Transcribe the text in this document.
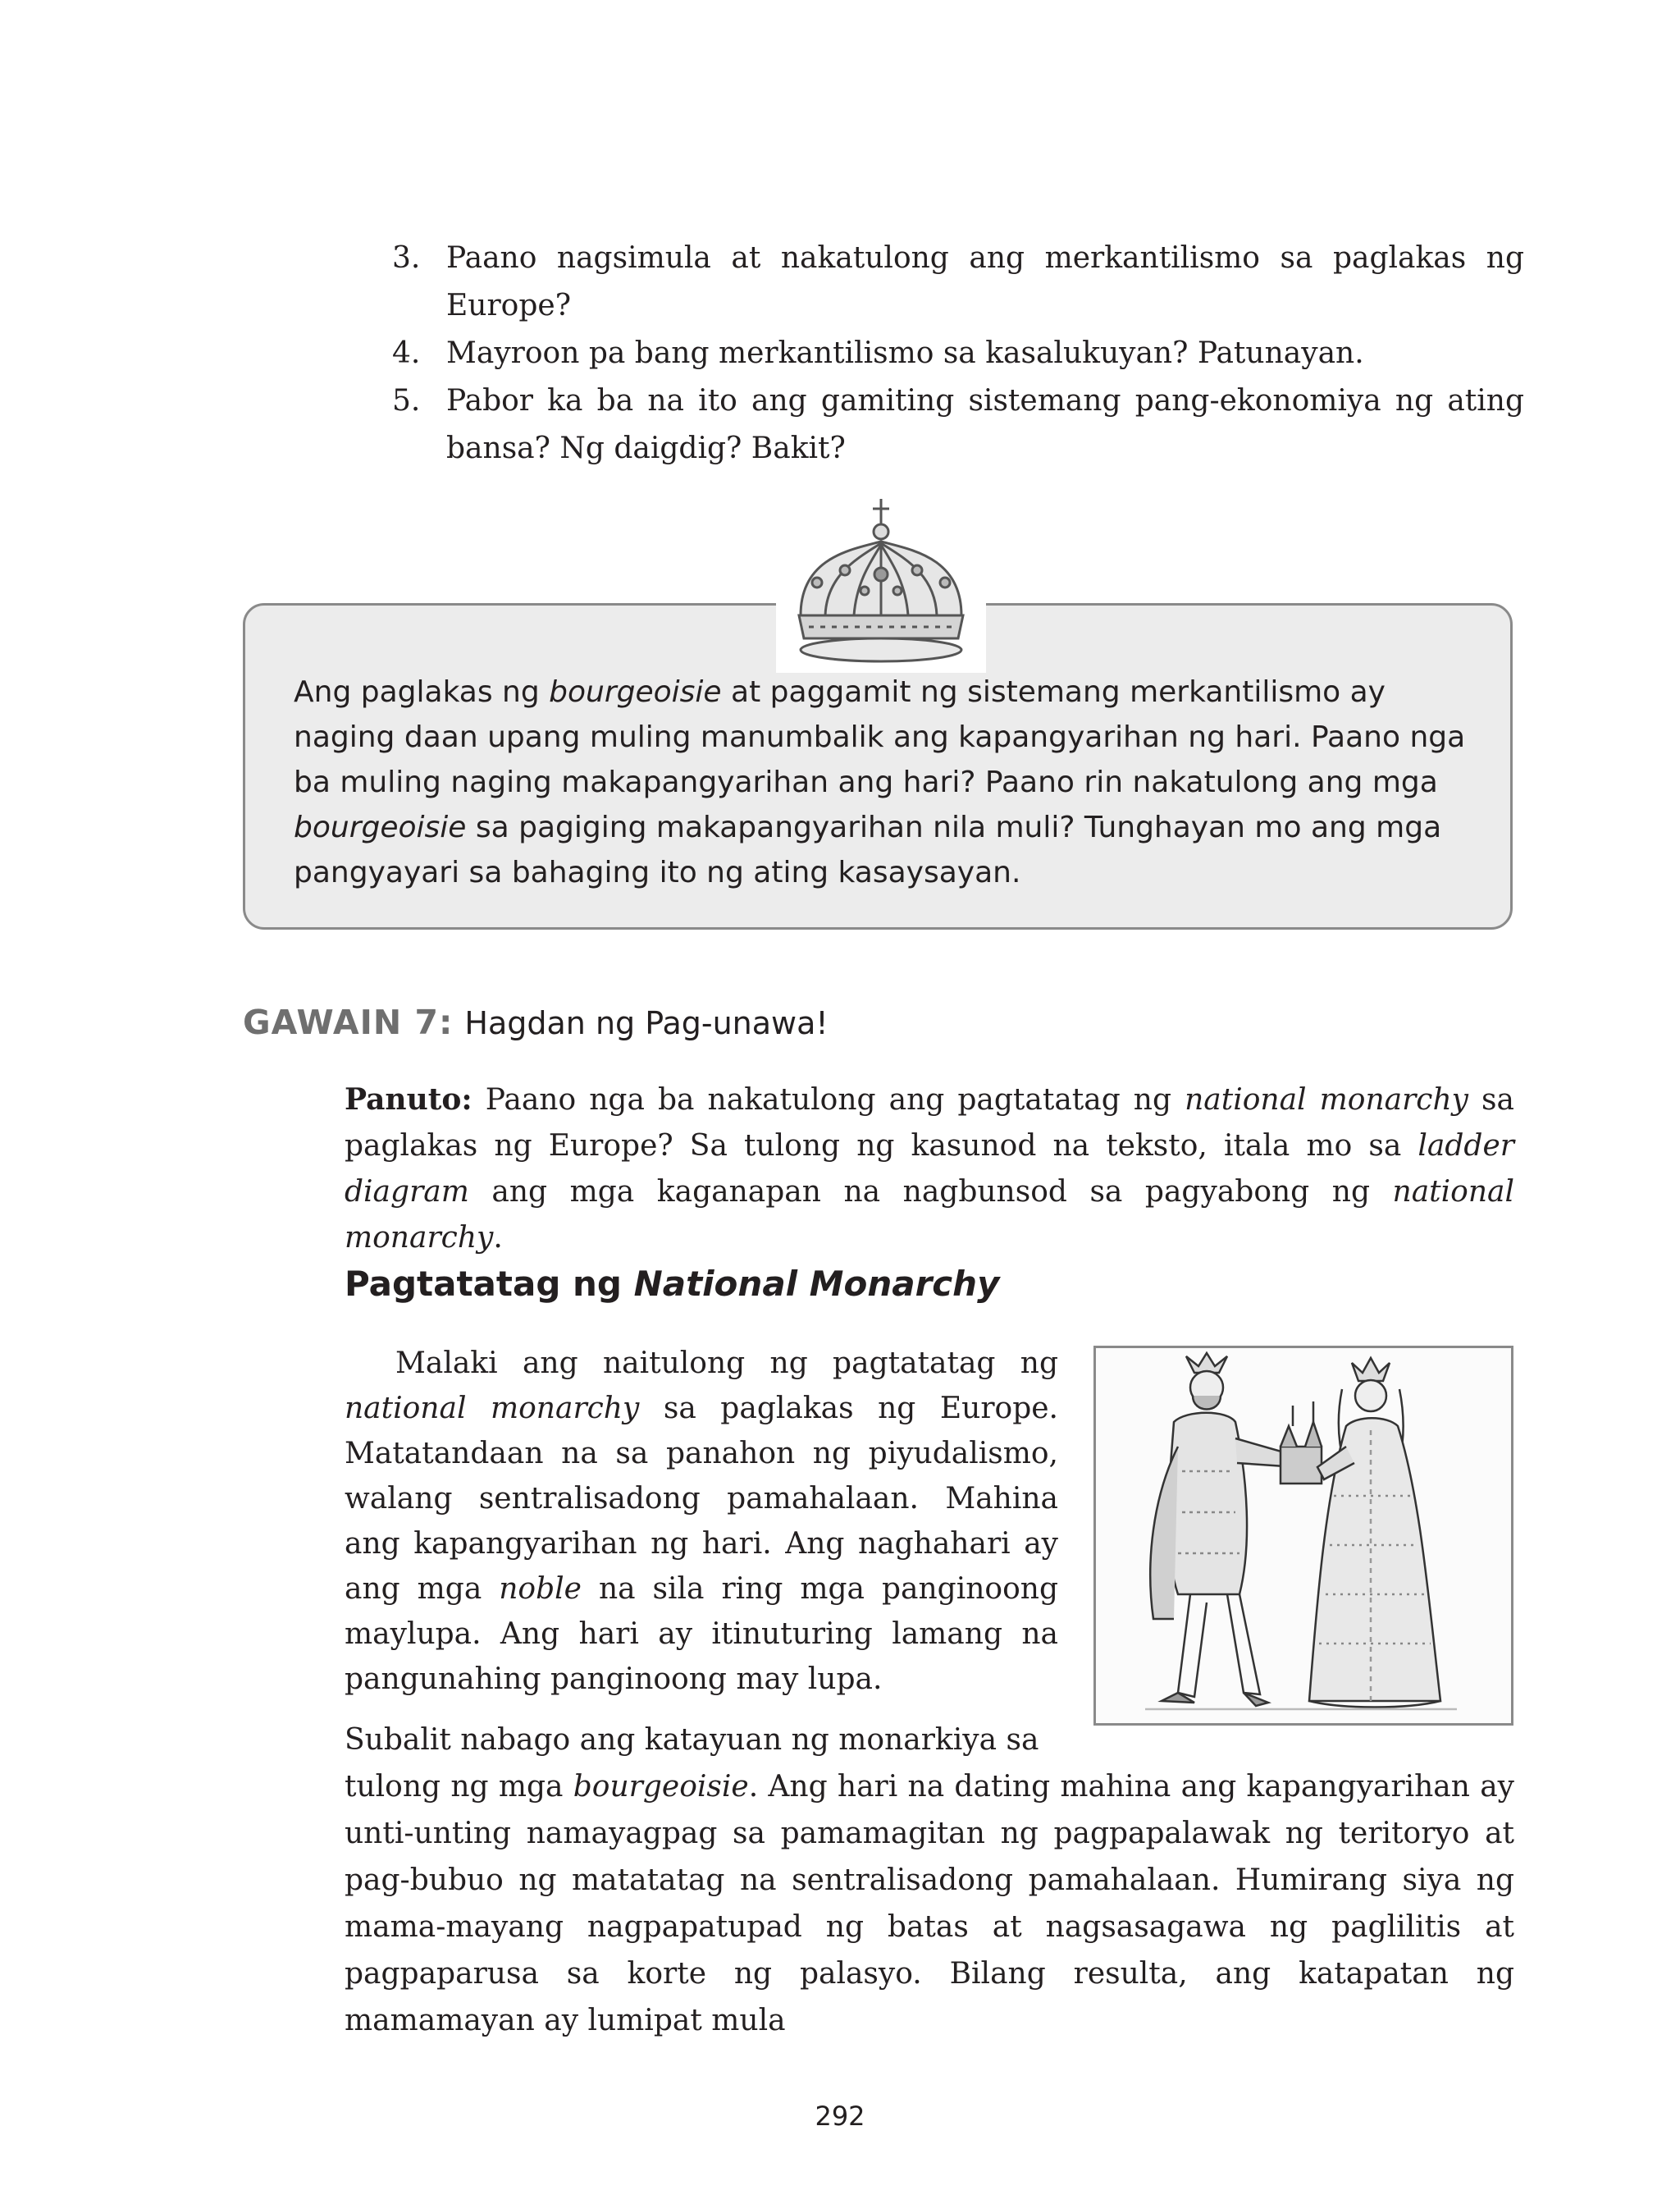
3. Paano nagsimula at nakatulong ang merkantilismo sa paglakas ng Europe?
4. Mayroon pa bang merkantilismo sa kasalukuyan? Patunayan.
5. Pabor ka ba na ito ang gamiting sistemang pang-ekonomiya ng ating bansa? Ng daigdig? Bakit?
Ang paglakas ng bourgeoisie at paggamit ng sistemang merkantilismo ay naging daan upang muling manumbalik ang kapangyarihan ng hari. Paano nga ba muling naging makapangyarihan ang hari? Paano rin nakatulong ang mga bourgeoisie sa pagiging makapangyarihan nila muli? Tunghayan mo ang mga pangyayari sa bahaging ito ng ating kasaysayan.
GAWAIN 7: Hagdan ng Pag-unawa!
Panuto: Paano nga ba nakatulong ang pagtatatag ng national monarchy sa paglakas ng Europe? Sa tulong ng kasunod na teksto, itala mo sa ladder diagram ang mga kaganapan na nagbunsod sa pagyabong ng national monarchy.
Pagtatatag ng National Monarchy
Malaki ang naitulong ng pagtatatag ng national monarchy sa paglakas ng Europe. Matatandaan na sa panahon ng piyudalismo, walang sentralisadong pamahalaan. Mahina ang kapangyarihan ng hari. Ang naghahari ay ang mga noble na sila ring mga panginoong maylupa. Ang hari ay itinuturing lamang na pangunahing panginoong may lupa.
Subalit nabago ang katayuan ng monarkiya sa
tulong ng mga bourgeoisie. Ang hari na dating mahina ang kapangyarihan ay unti-unting namayagpag sa pamamagitan ng pagpapalawak ng teritoryo at pag-bubuo ng matatatag na sentralisadong pamahalaan. Humirang siya ng mama-mayang nagpapatupad ng batas at nagsasagawa ng paglilitis at pagpaparusa sa korte ng palasyo. Bilang resulta, ang katapatan ng mamamayan ay lumipat mula
292
